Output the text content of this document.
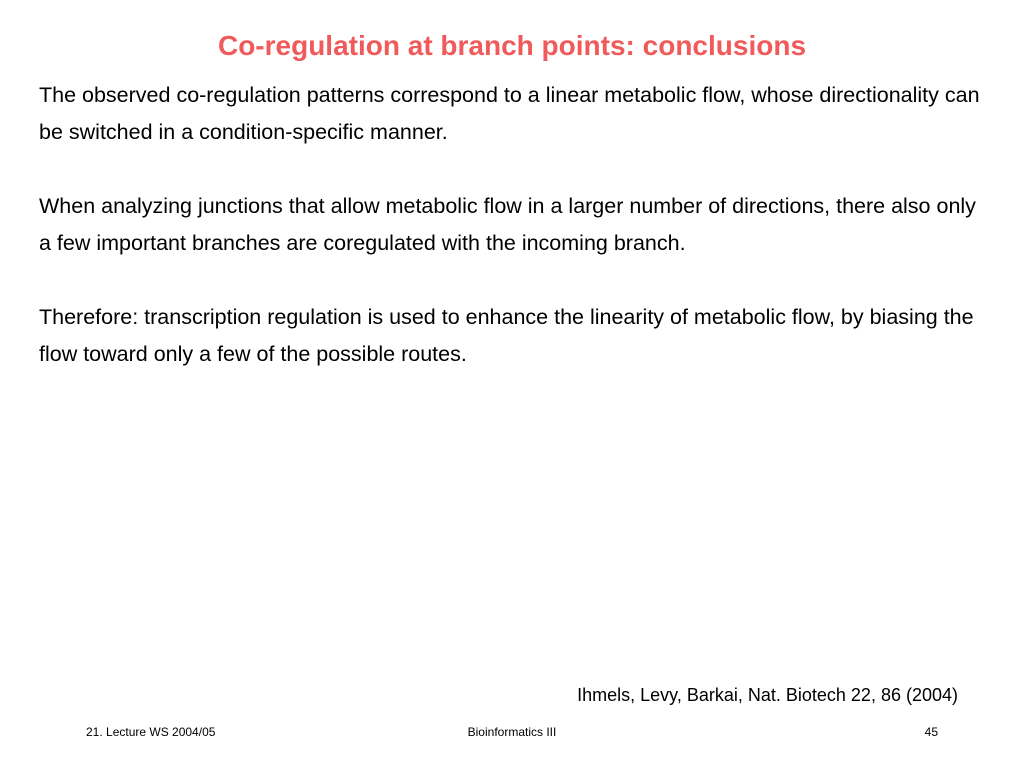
Co-regulation at branch points: conclusions

The observed co-regulation patterns correspond to a linear metabolic flow, whose directionality can be switched in a condition-specific manner.

When analyzing junctions that allow metabolic flow in a larger number of directions, there also only a few important branches are coregulated with the incoming branch.

Therefore: transcription regulation is used to enhance the linearity of metabolic flow, by biasing the flow toward only a few of the possible routes.

Ihmels, Levy, Barkai, Nat. Biotech 22, 86 (2004)
21. Lecture WS 2004/05	Bioinformatics III	45
